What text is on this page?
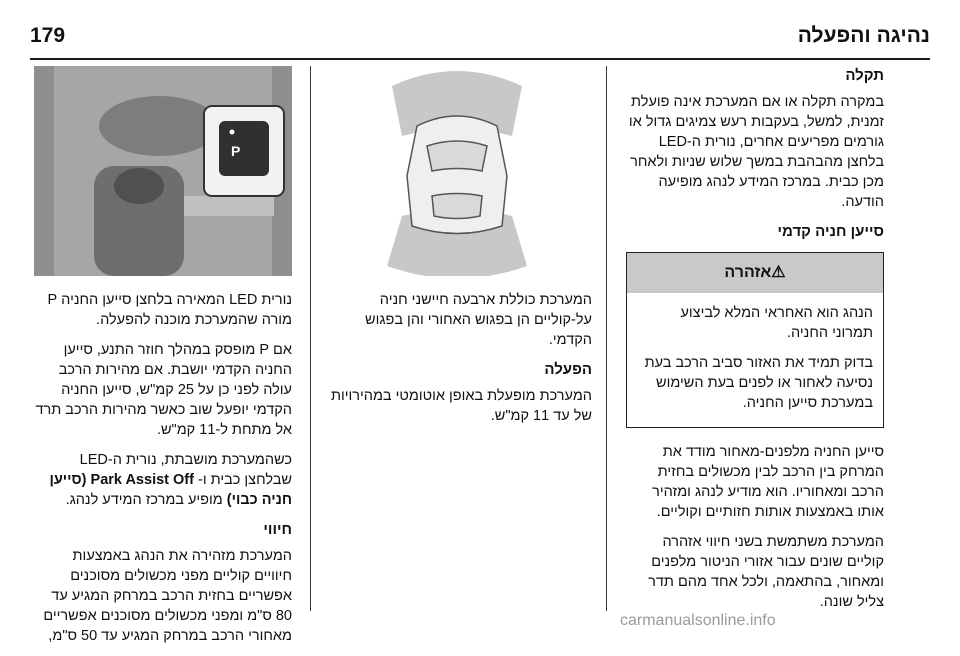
נהיגה והפעלה
179
תקלה

במקרה תקלה או אם המערכת אינה פועלת זמנית, למשל, בעקבות רעש צמיגים גדול או גורמים מפריעים אחרים, נורית ה-LED בלחצן מהבהבת במשך שלוש שניות ולאחר מכן כבית. במרכז המידע לנהג מופיעה הודעה.

סייען חניה קדמי
⚠אזהרה

הנהג הוא האחראי המלא לביצוע תמרוני החניה.

בדוק תמיד את האזור סביב הרכב בעת נסיעה לאחור או לפנים בעת השימוש במערכת סייען החניה.

סייען החניה מלפנים-מאחור מודד את המרחק בין הרכב לבין מכשולים בחזית הרכב ומאחוריו. הוא מודיע לנהג ומזהיר אותו באמצעות אותות חזותיים וקוליים.

המערכת משתמשת בשני חיווי אזהרה קוליים שונים עבור אזורי הניטור מלפנים ומאחור, בהתאמה, ולכל אחד מהם תדר צליל שונה.

המערכת כוללת ארבעה חיישני חניה על-קוליים הן בפגוש האחורי והן בפגוש הקדמי.

הפעלה

המערכת מופעלת באופן אוטומטי במהירויות של עד 11 קמ"ש.

P

נורית LED המאירה בלחצן סייען החניה P מורה שהמערכת מוכנה להפעלה.

אם P מופסק במהלך חוזר התנע, סייען החניה הקדמי יושבת. אם מהירות הרכב עולה לפני כן על 25 קמ"ש, סייען החניה הקדמי יופעל שוב כאשר מהירות הרכב תרד אל מתחת ל-11 קמ"ש.

כשהמערכת מושבתת, נורית ה-LED שבלחצן כבית ו- Park Assist Off (סייען חניה כבוי) מופיע במרכז המידע לנהג.

חיווי

המערכת מזהירה את הנהג באמצעות חיוויים קוליים מפני מכשולים מסוכנים אפשריים בחזית הרכב במרחק המגיע עד 80 ס"מ ומפני מכשולים מסוכנים אפשריים מאחורי הרכב במרחק המגיע עד 50 ס"מ,

carmanualsonline.info
